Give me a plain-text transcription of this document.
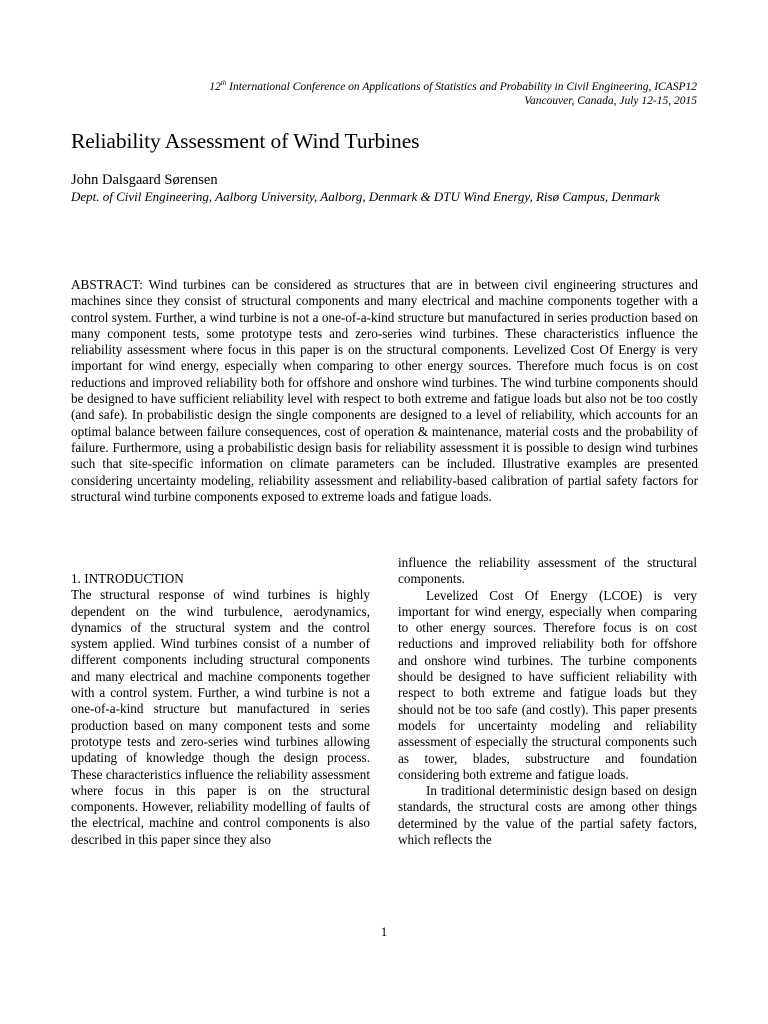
12th International Conference on Applications of Statistics and Probability in Civil Engineering, ICASP12
Vancouver, Canada, July 12-15, 2015
Reliability Assessment of Wind Turbines
John Dalsgaard Sørensen
Dept. of Civil Engineering, Aalborg University, Aalborg, Denmark & DTU Wind Energy, Risø Campus, Denmark

ABSTRACT: Wind turbines can be considered as structures that are in between civil engineering structures and machines since they consist of structural components and many electrical and machine components together with a control system. Further, a wind turbine is not a one-of-a-kind structure but manufactured in series production based on many component tests, some prototype tests and zero-series wind turbines. These characteristics influence the reliability assessment where focus in this paper is on the structural components. Levelized Cost Of Energy is very important for wind energy, especially when comparing to other energy sources. Therefore much focus is on cost reductions and improved reliability both for offshore and onshore wind turbines. The wind turbine components should be designed to have sufficient reliability level with respect to both extreme and fatigue loads but also not be too costly (and safe). In probabilistic design the single components are designed to a level of reliability, which accounts for an optimal balance between failure consequences, cost of operation & maintenance, material costs and the probability of failure. Furthermore, using a probabilistic design basis for reliability assessment it is possible to design wind turbines such that site-specific information on climate parameters can be included. Illustrative examples are presented considering uncertainty modeling, reliability assessment and reliability-based calibration of partial safety factors for structural wind turbine components exposed to extreme loads and fatigue loads.

1. INTRODUCTION

The structural response of wind turbines is highly dependent on the wind turbulence, aerodynamics, dynamics of the structural system and the control system applied. Wind turbines consist of a number of different components including structural components and many electrical and machine components together with a control system. Further, a wind turbine is not a one-of-a-kind structure but manufactured in series production based on many component tests and some prototype tests and zero-series wind turbines allowing updating of knowledge though the design process. These characteristics influence the reliability assessment where focus in this paper is on the structural components. However, reliability modelling of faults of the electrical, machine and control components is also described in this paper since they also

influence the reliability assessment of the structural components.

Levelized Cost Of Energy (LCOE) is very important for wind energy, especially when comparing to other energy sources. Therefore focus is on cost reductions and improved reliability both for offshore and onshore wind turbines. The turbine components should be designed to have sufficient reliability with respect to both extreme and fatigue loads but they should not be too safe (and costly). This paper presents models for uncertainty modeling and reliability assessment of especially the structural components such as tower, blades, substructure and foundation considering both extreme and fatigue loads.

In traditional deterministic design based on design standards, the structural costs are among other things determined by the value of the partial safety factors, which reflects the

1
